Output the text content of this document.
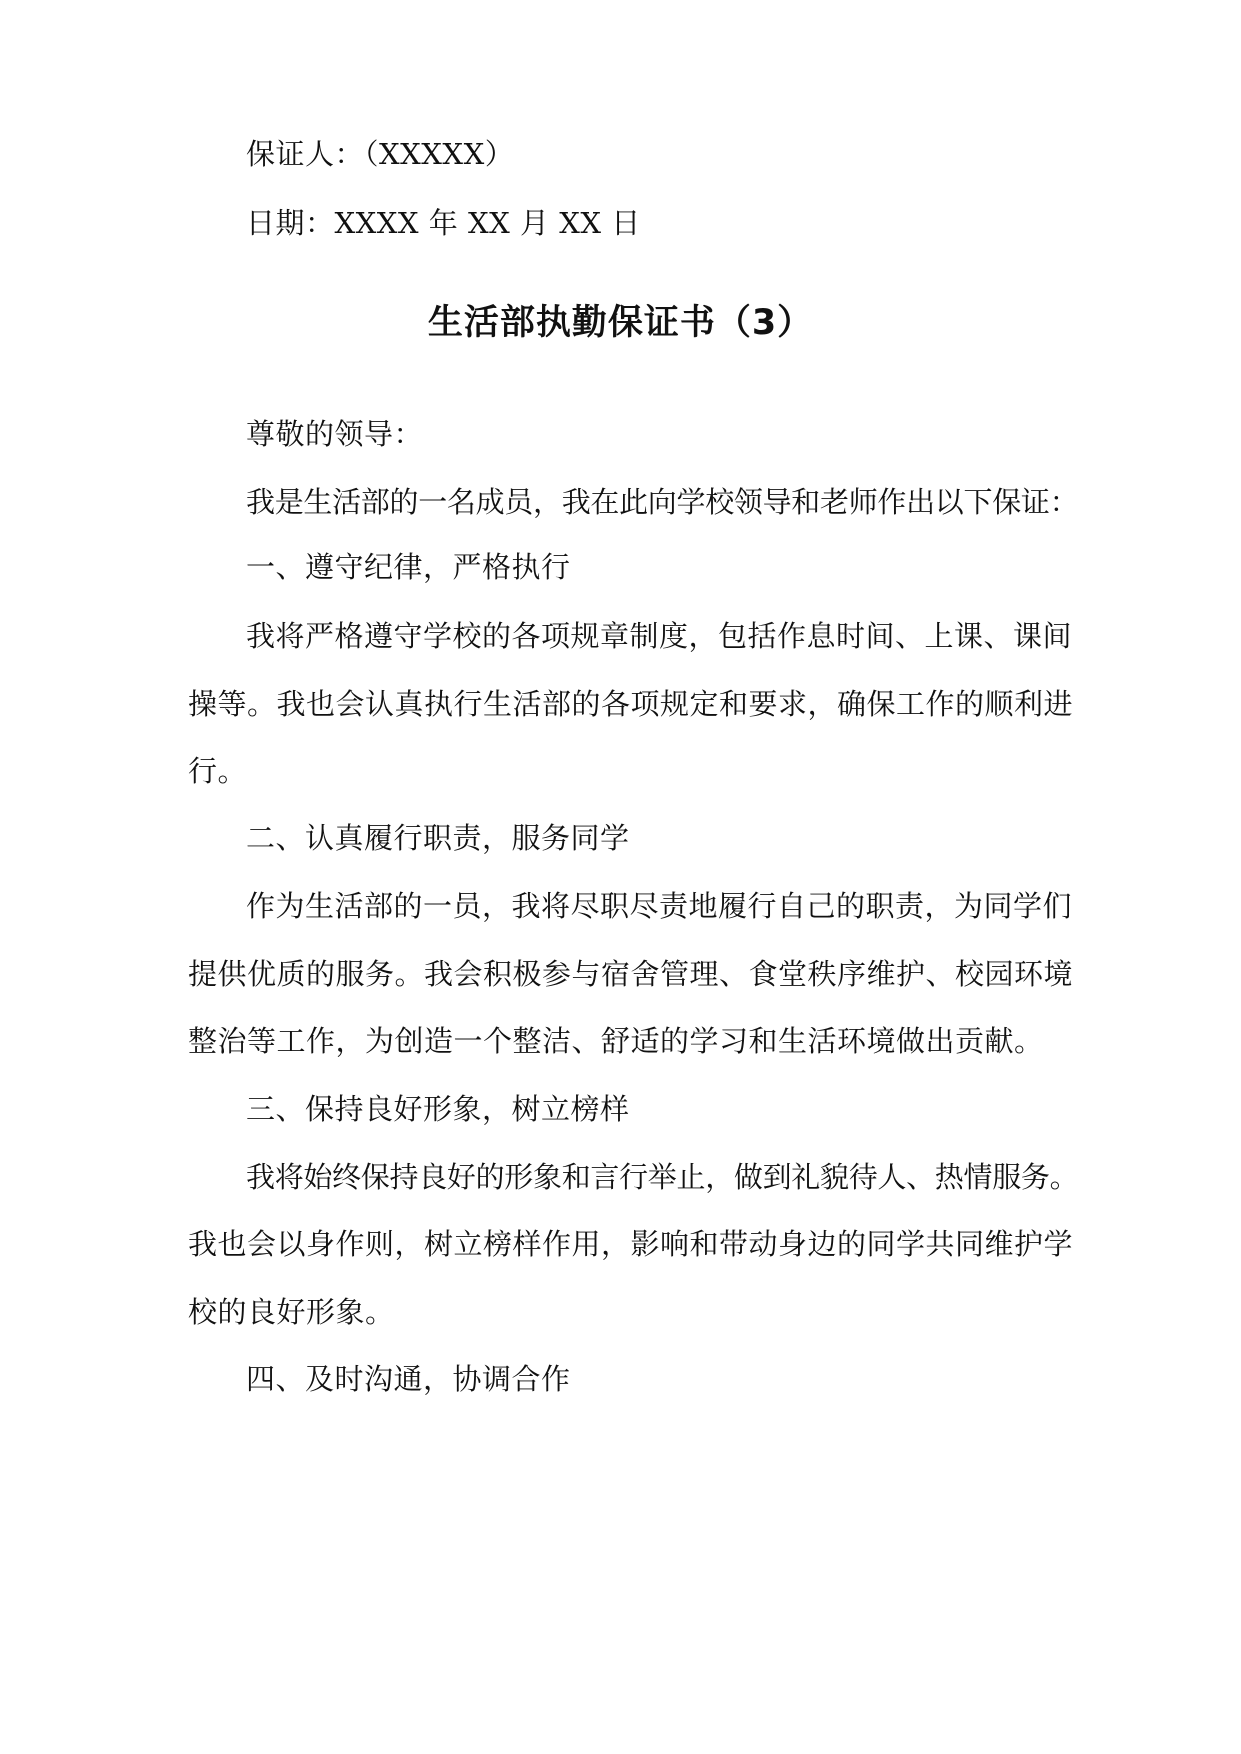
保证人：（XXXXX）
日期：XXXX 年 XX 月 XX 日
生活部执勤保证书（3）
尊敬的领导：
我是生活部的一名成员，我在此向学校领导和老师作出以下保证：
一、遵守纪律，严格执行
我将严格遵守学校的各项规章制度，包括作息时间、上课、课间
操等。我也会认真执行生活部的各项规定和要求，确保工作的顺利进
行。
二、认真履行职责，服务同学
作为生活部的一员，我将尽职尽责地履行自己的职责，为同学们
提供优质的服务。我会积极参与宿舍管理、食堂秩序维护、校园环境
整治等工作，为创造一个整洁、舒适的学习和生活环境做出贡献。
三、保持良好形象，树立榜样
我将始终保持良好的形象和言行举止，做到礼貌待人、热情服务。
我也会以身作则，树立榜样作用，影响和带动身边的同学共同维护学
校的良好形象。
四、及时沟通，协调合作
